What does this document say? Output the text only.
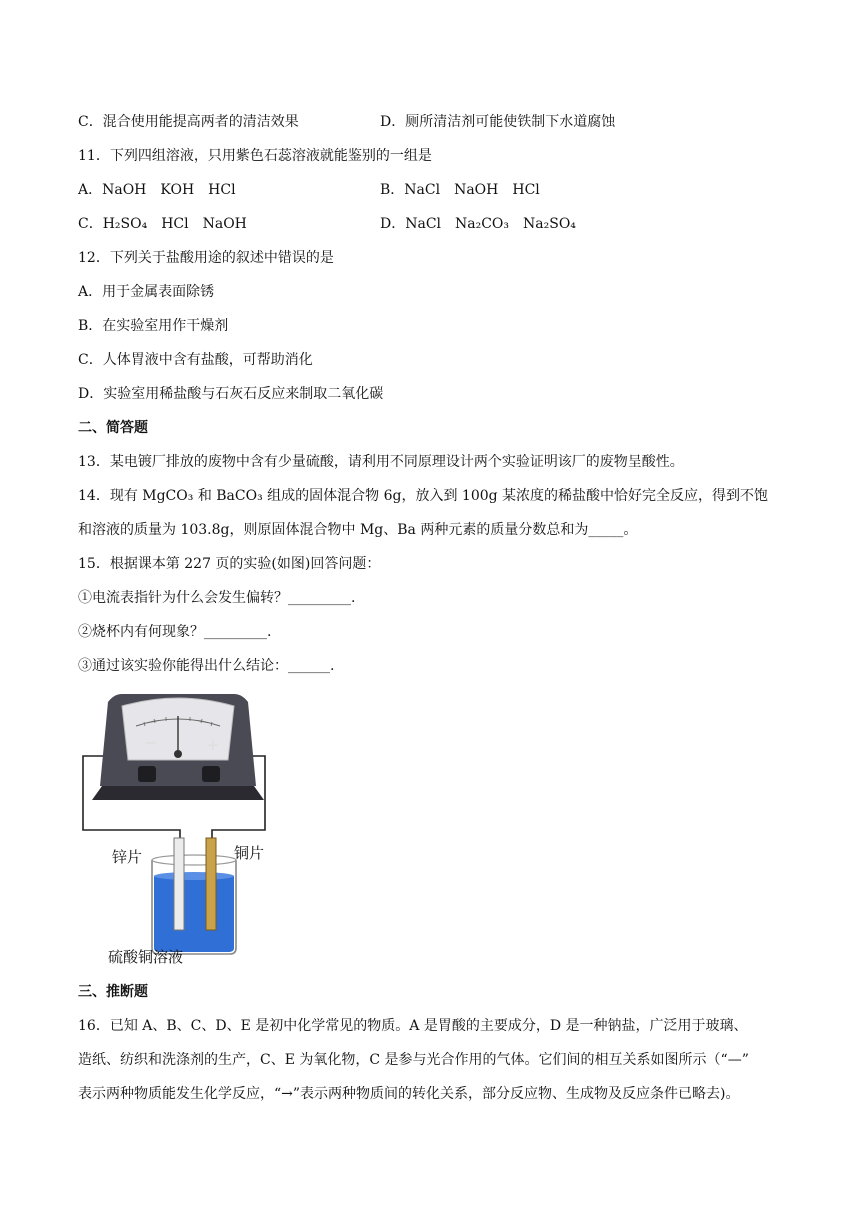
C．混合使用能提高两者的清洁效果	D．厕所清洁剂可能使铁制下水道腐蚀
11．下列四组溶液，只用紫色石蕊溶液就能鉴别的一组是
A．NaOH　KOH　HCl	B．NaCl　NaOH　HCl
C．H₂SO₄　HCl　NaOH	D．NaCl　Na₂CO₃　Na₂SO₄
12．下列关于盐酸用途的叙述中错误的是
A．用于金属表面除锈
B．在实验室用作干燥剂
C．人体胃液中含有盐酸，可帮助消化
D．实验室用稀盐酸与石灰石反应来制取二氧化碳
二、简答题
13．某电镀厂排放的废物中含有少量硫酸，请利用不同原理设计两个实验证明该厂的废物呈酸性。
14．现有 MgCO₃ 和 BaCO₃ 组成的固体混合物 6g，放入到 100g 某浓度的稀盐酸中恰好完全反应，得到不饱
和溶液的质量为 103.8g，则原固体混合物中 Mg、Ba 两种元素的质量分数总和为_____。
15．根据课本第 227 页的实验(如图)回答问题：
①电流表指针为什么会发生偏转？_________.
②烧杯内有何现象？_________.
③通过该实验你能得出什么结论：______.
−	+
锌片	铜片
硫酸铜溶液
三、推断题
16．已知 A、B、C、D、E 是初中化学常见的物质。A 是胃酸的主要成分，D 是一种钠盐，广泛用于玻璃、
造纸、纺织和洗涤剂的生产，C、E 为氧化物，C 是参与光合作用的气体。它们间的相互关系如图所示（“—”
表示两种物质能发生化学反应，“→”表示两种物质间的转化关系，部分反应物、生成物及反应条件已略去)。
